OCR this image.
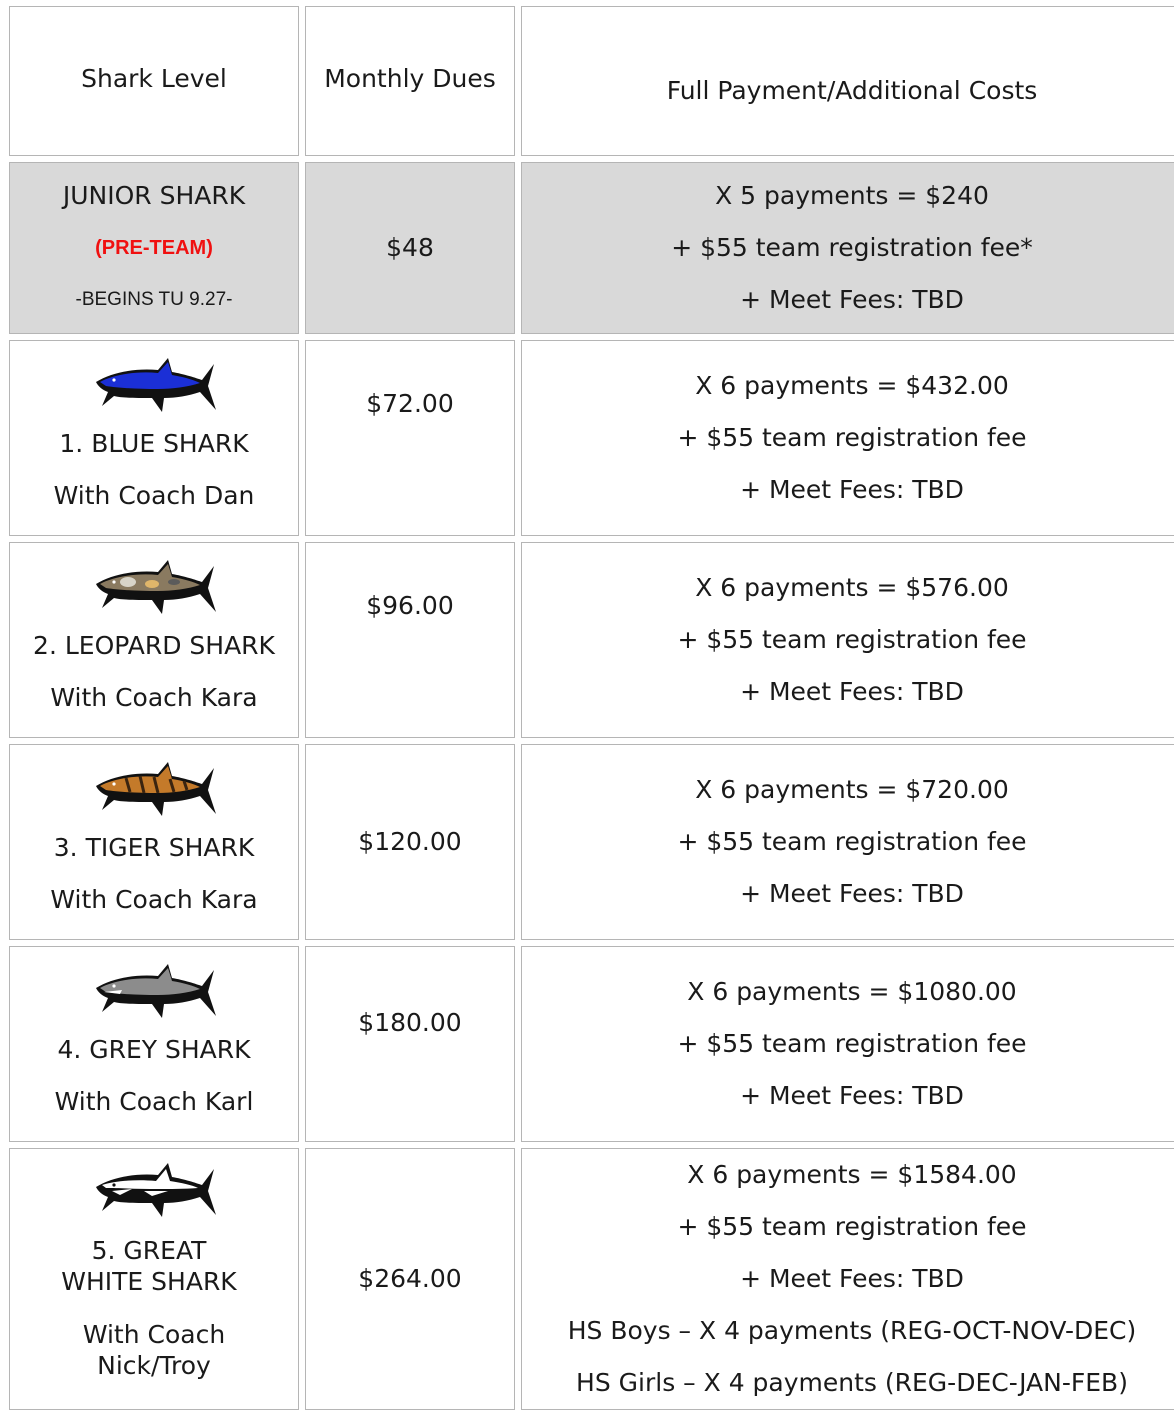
Shark Level	Monthly Dues	Full Payment/Additional Costs

JUNIOR SHARK
(PRE-TEAM)
-BEGINS TU 9.27-	$48	X 5 payments = $240
+ $55 team registration fee*
+ Meet Fees: TBD

1. BLUE SHARK
With Coach Dan	$72.00	X 6 payments = $432.00
+ $55 team registration fee
+ Meet Fees: TBD

2. LEOPARD SHARK
With Coach Kara	$96.00	X 6 payments = $576.00
+ $55 team registration fee
+ Meet Fees: TBD

3. TIGER SHARK
With Coach Kara	$120.00	X 6 payments = $720.00
+ $55 team registration fee
+ Meet Fees: TBD

4. GREY SHARK
With Coach Karl	$180.00	X 6 payments = $1080.00
+ $55 team registration fee
+ Meet Fees: TBD

5. GREAT WHITE SHARK
With Coach Nick/Troy	$264.00	X 6 payments = $1584.00
+ $55 team registration fee
+ Meet Fees: TBD
HS Boys – X 4 payments (REG-OCT-NOV-DEC)
HS Girls – X 4 payments (REG-DEC-JAN-FEB)
